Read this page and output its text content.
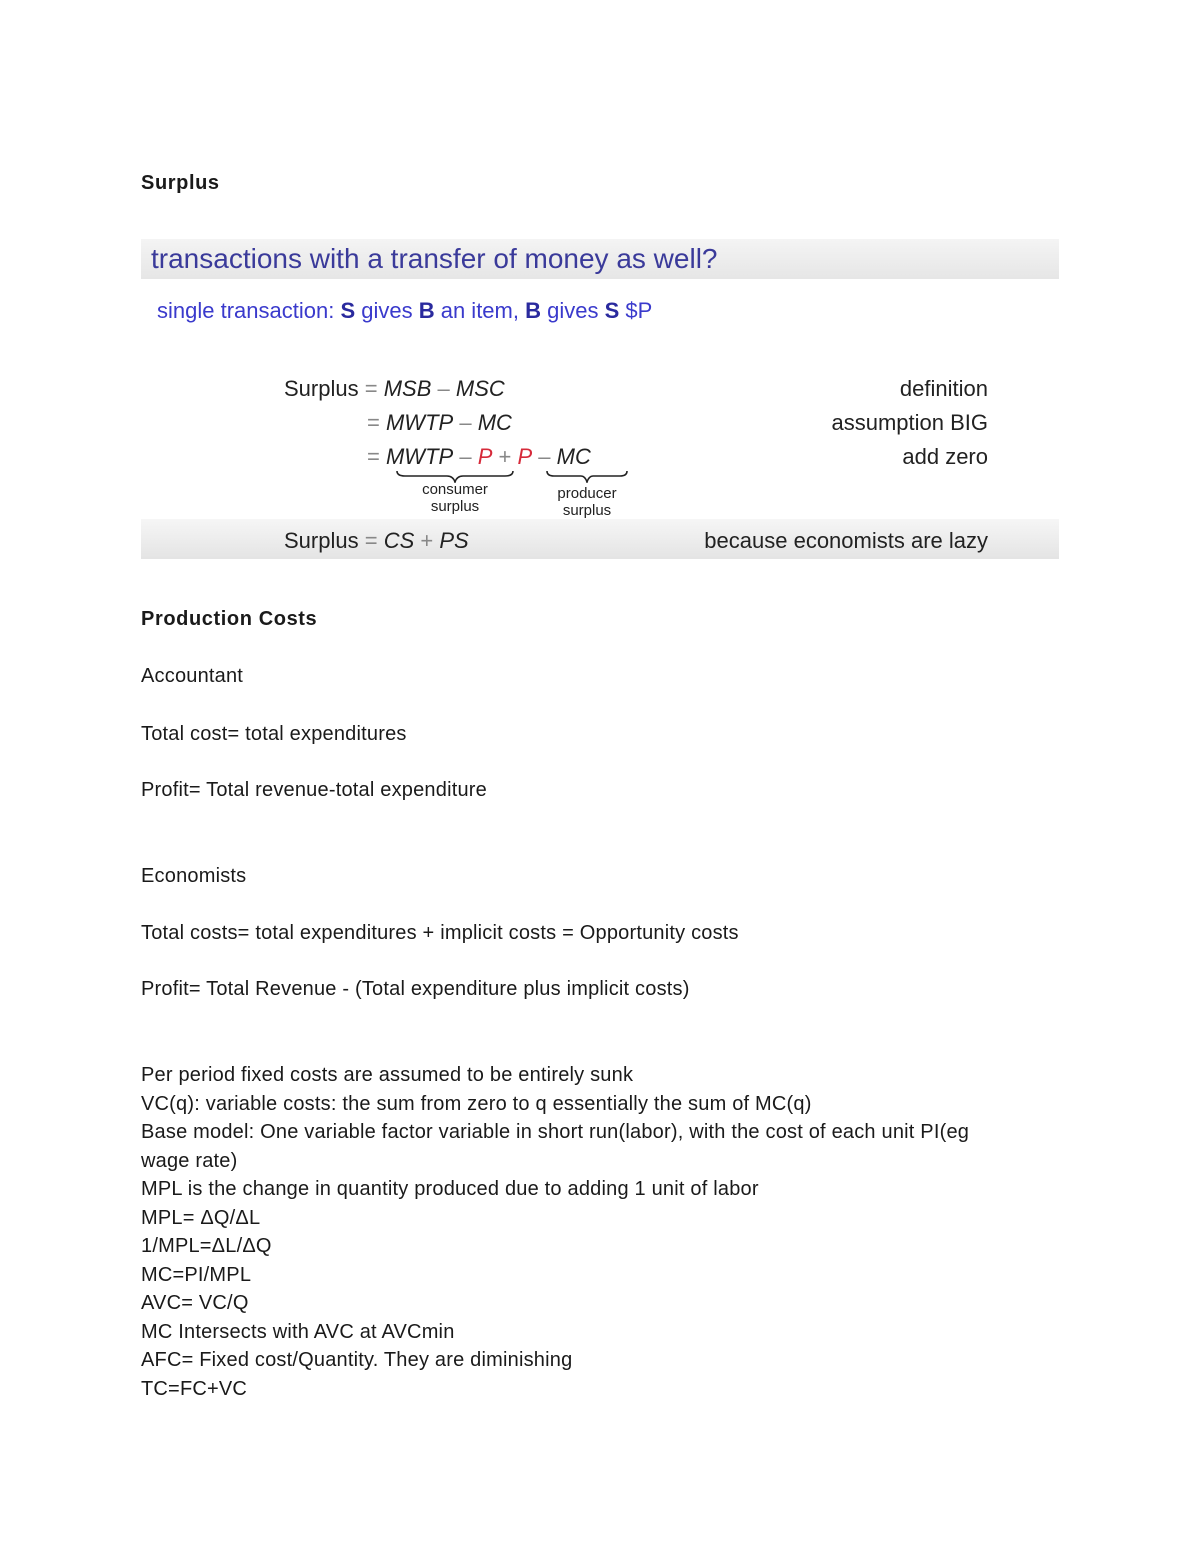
Surplus
transactions with a transfer of money as well?
single transaction: S gives B an item, B gives S $P
Surplus = MSB – MSC	definition
= MWTP – MC	assumption BIG
= MWTP – P + P – MC	add zero
consumer
surplus
producer
surplus
Surplus = CS + PS	because economists are lazy
Production Costs
Accountant
Total cost= total expenditures
Profit= Total revenue-total expenditure
Economists
Total costs= total expenditures + implicit costs = Opportunity costs
Profit= Total Revenue - (Total expenditure plus implicit costs)
Per period fixed costs are assumed to be entirely sunk
VC(q): variable costs: the sum from zero to q essentially the sum of MC(q)
Base model: One variable factor variable in short run(labor), with the cost of each unit PI(eg
wage rate)
MPL is the change in quantity produced due to adding 1 unit of labor
MPL= ΔQ/ΔL
1/MPL=ΔL/ΔQ
MC=PI/MPL
AVC= VC/Q
MC Intersects with AVC at AVCmin
AFC= Fixed cost/Quantity. They are diminishing
TC=FC+VC
